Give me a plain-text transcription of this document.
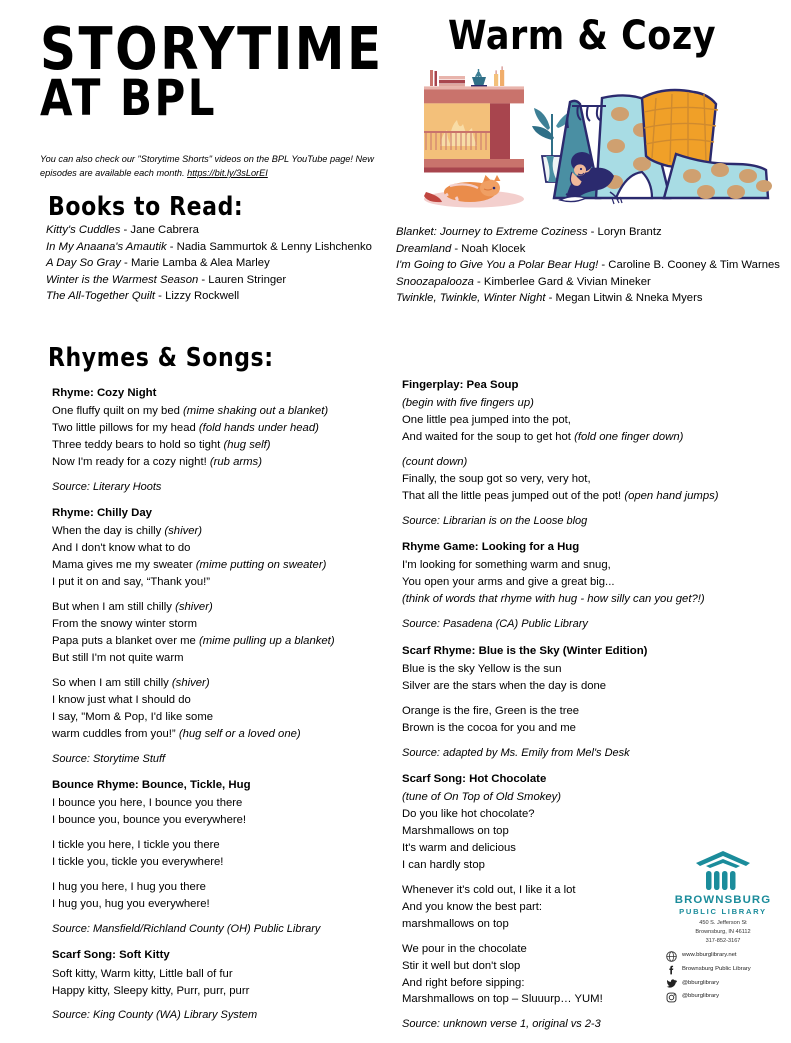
STORYTIME
AT BPL
Warm & Cozy
You can also check our "Storytime Shorts" videos on the BPL YouTube page! New episodes are available each month. https://bit.ly/3sLorEI
Books to Read:
Kitty's Cuddles - Jane Cabrera
In My Anaana's Amautik - Nadia Sammurtok & Lenny Lishchenko
A Day So Gray - Marie Lamba & Alea Marley
Winter is the Warmest Season - Lauren Stringer
The All-Together Quilt - Lizzy Rockwell
Blanket: Journey to Extreme Coziness - Loryn Brantz
Dreamland - Noah Klocek
I'm Going to Give You a Polar Bear Hug! - Caroline B. Cooney & Tim Warnes
Snoozapalooza - Kimberlee Gard & Vivian Mineker
Twinkle, Twinkle, Winter Night - Megan Litwin & Nneka Myers
Rhymes & Songs:
Rhyme: Cozy Night
One fluffy quilt on my bed (mime shaking out a blanket)
Two little pillows for my head (fold hands under head)
Three teddy bears to hold so tight (hug self)
Now I'm ready for a cozy night! (rub arms)
Source: Literary Hoots
Rhyme: Chilly Day
When the day is chilly (shiver)
And I don't know what to do
Mama gives me my sweater (mime putting on sweater)
I put it on and say, “Thank you!”
But when I am still chilly (shiver)
From the snowy winter storm
Papa puts a blanket over me (mime pulling up a blanket)
But still I'm not quite warm
So when I am still chilly (shiver)
I know just what I should do
I say, "Mom & Pop, I'd like some
warm cuddles from you!” (hug self or a loved one)
Source: Storytime Stuff
Bounce Rhyme: Bounce, Tickle, Hug
I bounce you here, I bounce you there
I bounce you, bounce you everywhere!
I tickle you here, I tickle you there
I tickle you, tickle you everywhere!
I hug you here, I hug you there
I hug you, hug you everywhere!
Source: Mansfield/Richland County (OH) Public Library
Scarf Song: Soft Kitty
Soft kitty, Warm kitty, Little ball of fur
Happy kitty, Sleepy kitty, Purr, purr, purr
Source: King County (WA) Library System
Fingerplay: Pea Soup
(begin with five fingers up)
One little pea jumped into the pot,
And waited for the soup to get hot (fold one finger down)
(count down)
Finally, the soup got so very, very hot,
That all the little peas jumped out of the pot! (open hand jumps)
Source: Librarian is on the Loose blog
Rhyme Game: Looking for a Hug
I'm looking for something warm and snug,
You open your arms and give a great big...
(think of words that rhyme with hug - how silly can you get?!)
Source: Pasadena (CA) Public Library
Scarf Rhyme: Blue is the Sky (Winter Edition)
Blue is the sky Yellow is the sun
Silver are the stars when the day is done
Orange is the fire, Green is the tree
Brown is the cocoa for you and me
Source: adapted by Ms. Emily from Mel's Desk
Scarf Song: Hot Chocolate
(tune of On Top of Old Smokey)
Do you like hot chocolate?
Marshmallows on top
It's warm and delicious
I can hardly stop
Whenever it's cold out, I like it a lot
And you know the best part:
marshmallows on top
We pour in the chocolate
Stir it well but don't slop
And right before sipping:
Marshmallows on top – Sluuurp… YUM!
Source: unknown verse 1, original vs 2-3
BROWNSBURG
PUBLIC LIBRARY
450 S. Jefferson St
Brownsburg, IN 46112
317-852-3167
www.bburglibrary.net
Brownsburg Public Library
@bburglibrary
@bburglibrary
